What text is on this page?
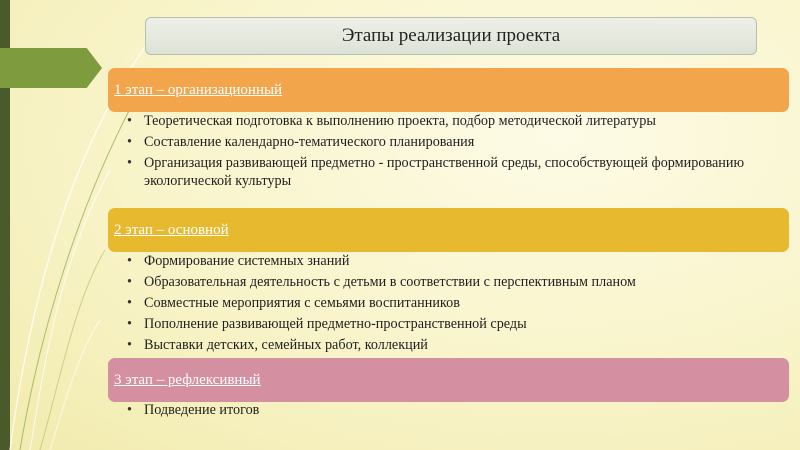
Этапы реализации проекта
1 этап – организационный
• Теоретическая подготовка к выполнению проекта, подбор методической литературы
• Составление календарно-тематического планирования
• Организация развивающей предметно - пространственной среды, способствующей формированию экологической культуры
2 этап – основной
• Формирование системных знаний
• Образовательная деятельность с детьми в соответствии с перспективным планом
• Совместные мероприятия с семьями воспитанников
• Пополнение развивающей предметно-пространственной среды
• Выставки детских, семейных работ, коллекций
3 этап – рефлексивный
• Подведение итогов
